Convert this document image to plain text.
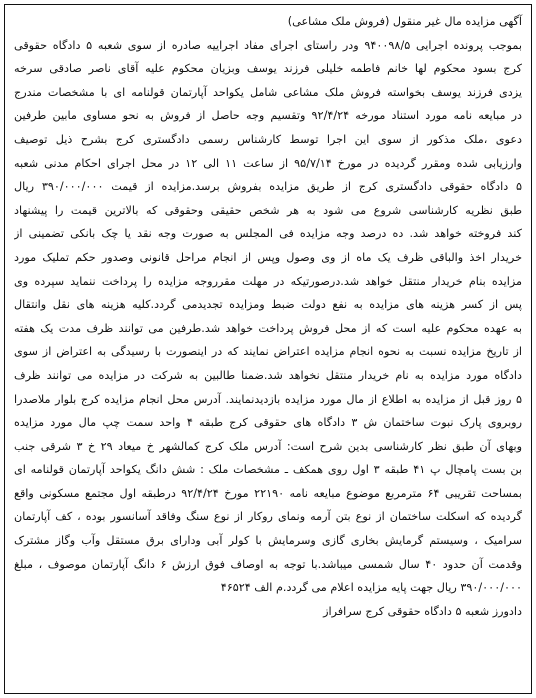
آگهی مزایده مال غیر منقول (فروش ملک مشاعی)
بموجب پرونده اجرایی ۹۴۰۰۹۸/۵ ودر راستای اجرای مفاد اجراییه صادره از سوی شعبه ۵ دادگاه حقوقی
کرج بسود محکوم لها خانم فاطمه خلیلی فرزند یوسف وبزیان محکوم علیه آقای ناصر صادقی سرخه
یزدی فرزند یوسف بخواسته فروش ملک مشاعی شامل یکواحد آپارتمان قولنامه ای با مشخصات مندرج
در مبایعه نامه مورد استناد مورخه ۹۲/۴/۲۴ وتقسیم وجه حاصل از فروش به نحو مساوی مابین طرفین
دعوی ،ملک مذکور از سوی این اجرا توسط کارشناس رسمی دادگستری کرج بشرح ذیل توصیف
وارزیابی شده ومقرر گردیده در مورخ ۹۵/۷/۱۴ از ساعت ۱۱ الی ۱۲ در محل اجرای احکام مدنی شعبه
۵ دادگاه حقوقی دادگستری کرج از طریق مزایده بفروش برسد.مزایده از قیمت ۳۹۰/۰۰۰/۰۰۰ ریال
طبق نظریه کارشناسی شروع می شود به هر شخص حقیقی وحقوقی که بالاترین قیمت را پیشنهاد
کند فروخته خواهد شد. ده درصد وجه مزایده فی المجلس به صورت وجه نقد یا چک بانکی تضمینی از
خریدار اخذ والباقی ظرف یک ماه از وی وصول وپس از انجام مراحل قانونی وصدور حکم تملیک مورد
مزایده بنام خریدار منتقل خواهد شد.درصورتیکه در مهلت مقرروجه مزایده را پرداخت ننماید سپرده وی
پس از کسر هزینه های مزایده به نفع دولت ضبط ومزایده تجدیدمی گردد.کلیه هزینه های نقل وانتقال
به عهده محکوم علیه است که از محل فروش پرداخت خواهد شد.طرفین می توانند ظرف مدت یک هفته
از تاریخ مزایده نسبت به نحوه انجام مزایده اعتراض نمایند که در اینصورت با رسیدگی به اعتراض از سوی
دادگاه مورد مزایده به نام خریدار منتقل نخواهد شد.ضمنا طالبین به شرکت در مزایده می توانند ظرف
۵ روز قبل از مزایده به اطلاع از مال مورد مزایده بازدیدنمایند. آدرس محل انجام مزایده کرج بلوار ملاصدرا
روبروی پارک نبوت ساختمان ش ۳ دادگاه های حقوقی کرج طبقه ۴ واحد سمت چپ مال مورد مزایده
وبهای آن طبق نظر کارشناسی بدین شرح است: آدرس ملک کرج کمالشهر خ میعاد ۲۹ خ ۳ شرقی جنب
بن بست پامچال پ ۴۱ طبقه ۳ اول روی همکف ـ مشخصات ملک : شش دانگ یکواحد آپارتمان قولنامه ای
بمساحت تقریبی ۶۴ مترمربع موضوع مبایعه نامه ۲۲۱۹۰ مورخ ۹۲/۴/۲۴ درطبقه اول مجتمع مسکونی واقع
گردیده که اسکلت ساختمان از نوع بتن آرمه ونمای روکار از نوع سنگ وفاقد آسانسور بوده ، کف آپارتمان
سرامیک ، وسیستم گرمایش بخاری گازی وسرمایش با کولر آبی ودارای برق مستقل وآب وگاز مشترک
وقدمت آن حدود ۴۰ سال شمسی میباشد.با توجه به اوصاف فوق ارزش ۶ دانگ آپارتمان موصوف ، مبلغ
۳۹۰/۰۰۰/۰۰۰ ریال جهت پایه مزایده اعلام می گردد.م الف ۴۶۵۲۴
دادورز شعبه ۵ دادگاه حقوقی کرج سرافراز
